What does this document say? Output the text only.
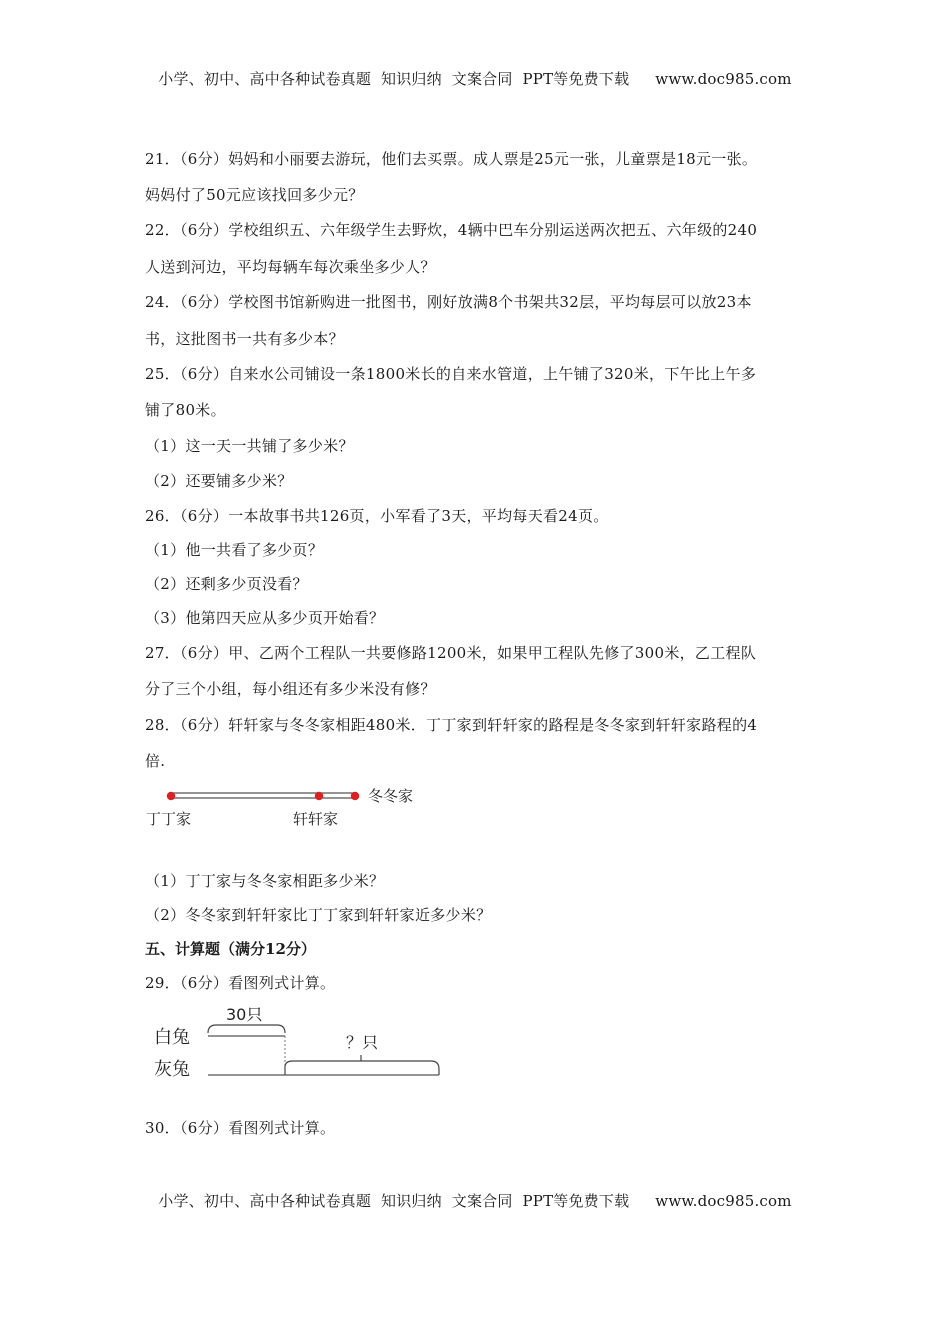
小学、初中、高中各种试卷真题  知识归纳  文案合同  PPT等免费下载 www.doc985.com
21．（6分）妈妈和小丽要去游玩，他们去买票。成人票是25元一张，儿童票是18元一张。
妈妈付了50元应该找回多少元？
22．（6分）学校组织五、六年级学生去野炊，4辆中巴车分别运送两次把五、六年级的240
人送到河边，平均每辆车每次乘坐多少人？
24．（6分）学校图书馆新购进一批图书，刚好放满8个书架共32层，平均每层可以放23本
书，这批图书一共有多少本？
25．（6分）自来水公司铺设一条1800米长的自来水管道，上午铺了320米，下午比上午多
铺了80米。
（1）这一天一共铺了多少米？
（2）还要铺多少米？
26．（6分）一本故事书共126页，小军看了3天，平均每天看24页。
（1）他一共看了多少页？
（2）还剩多少页没看？
（3）他第四天应从多少页开始看？
27．（6分）甲、乙两个工程队一共要修路1200米，如果甲工程队先修了300米，乙工程队
分了三个小组，每小组还有多少米没有修？
28．（6分）轩轩家与冬冬家相距480米．丁丁家到轩轩家的路程是冬冬家到轩轩家路程的4
倍.
冬冬家
丁丁家	轩轩家
（1）丁丁家与冬冬家相距多少米？
（2）冬冬家到轩轩家比丁丁家到轩轩家近多少米？
五、计算题（满分12分）
29．（6分）看图列式计算。
30只
白兔	？只
灰兔
30．（6分）看图列式计算。
小学、初中、高中各种试卷真题  知识归纳  文案合同  PPT等免费下载 www.doc985.com
